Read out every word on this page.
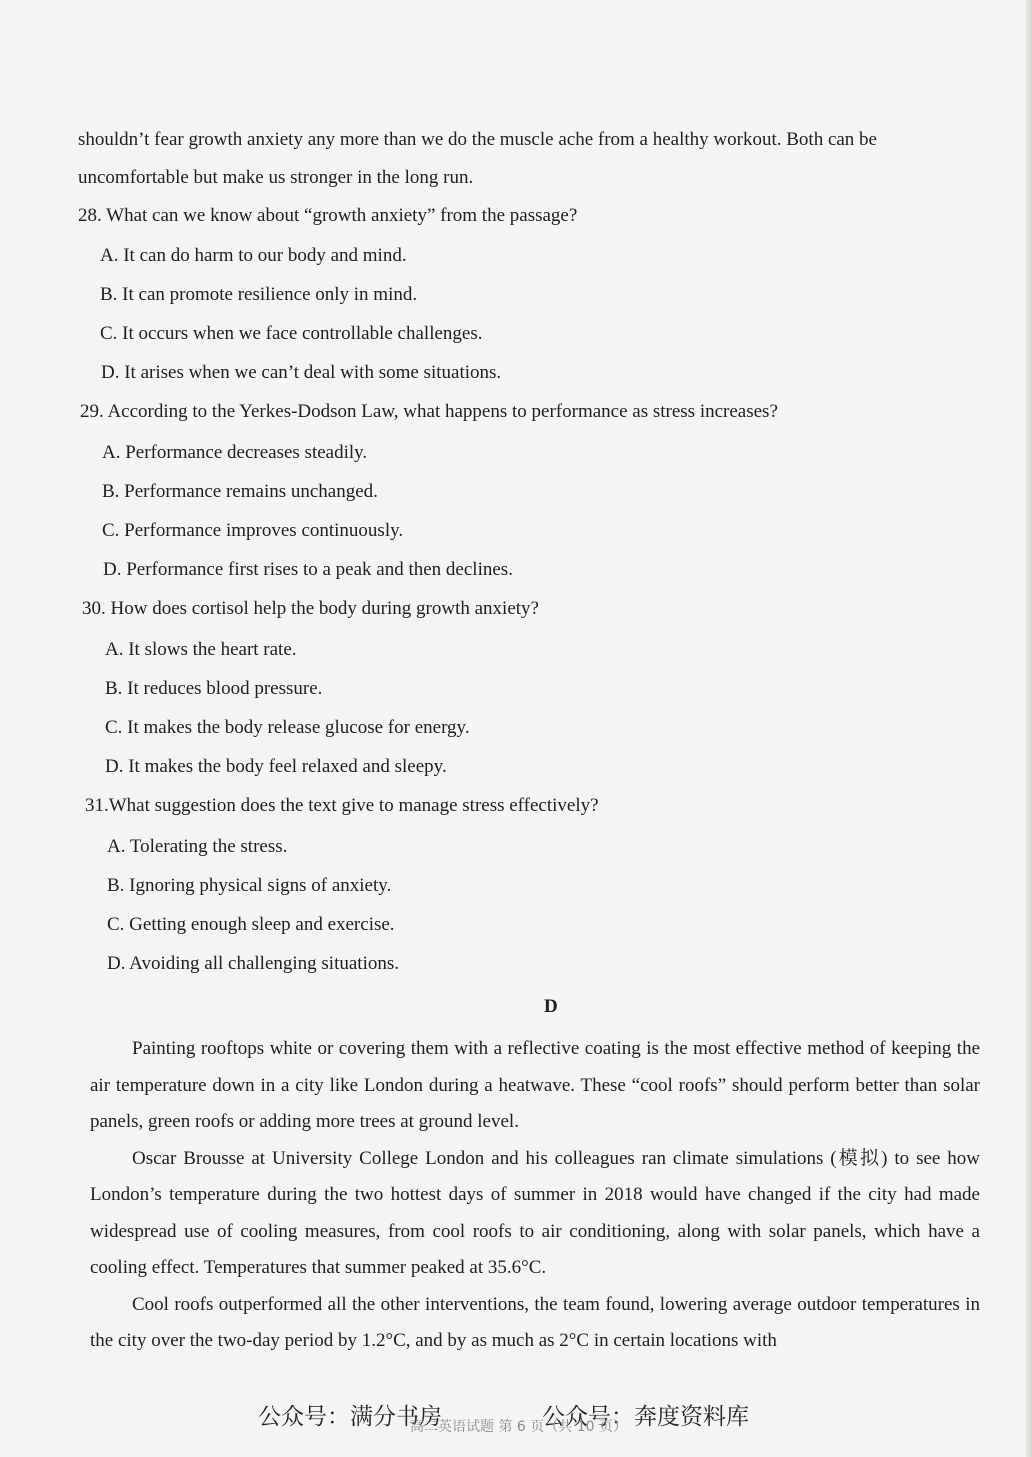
shouldn’t fear growth anxiety any more than we do the muscle ache from a healthy workout. Both can be
uncomfortable but make us stronger in the long run.
28. What can we know about “growth anxiety” from the passage?
A. It can do harm to our body and mind.
B. It can promote resilience only in mind.
C. It occurs when we face controllable challenges.
D. It arises when we can’t deal with some situations.
29. According to the Yerkes-Dodson Law, what happens to performance as stress increases?
A. Performance decreases steadily.
B. Performance remains unchanged.
C. Performance improves continuously.
D. Performance first rises to a peak and then declines.
30. How does cortisol help the body during growth anxiety?
A. It slows the heart rate.
B. It reduces blood pressure.
C. It makes the body release glucose for energy.
D. It makes the body feel relaxed and sleepy.
31.What suggestion does the text give to manage stress effectively?
A. Tolerating the stress.
B. Ignoring physical signs of anxiety.
C. Getting enough sleep and exercise.
D. Avoiding all challenging situations.
D

Painting rooftops white or covering them with a reflective coating is the most effective method of keeping the air temperature down in a city like London during a heatwave. These “cool roofs” should perform better than solar panels, green roofs or adding more trees at ground level.

Oscar Brousse at University College London and his colleagues ran climate simulations (模拟) to see how London’s temperature during the two hottest days of summer in 2018 would have changed if the city had made widespread use of cooling measures, from cool roofs to air conditioning, along with solar panels, which have a cooling effect. Temperatures that summer peaked at 35.6°C.

Cool roofs outperformed all the other interventions, the team found, lowering average outdoor temperatures in the city over the two-day period by 1.2°C, and by as much as 2°C in certain locations with

公众号：满分书房	公众号：奔度资料库
高二英语试题 第 6 页（共 10 页）
